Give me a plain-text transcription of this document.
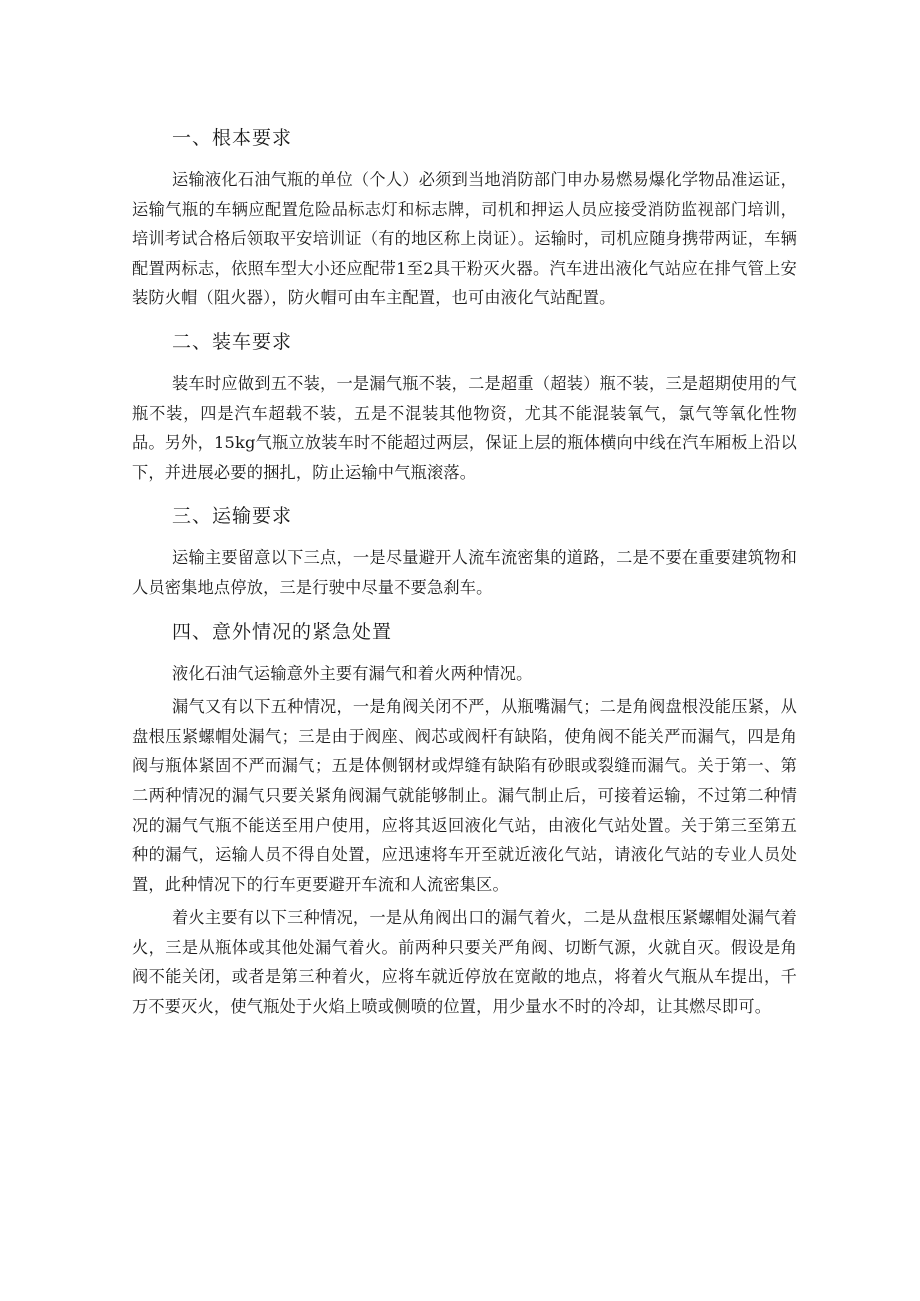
一、根本要求

运输液化石油气瓶的单位（个人）必须到当地消防部门申办易燃易爆化学物品准运证，运输气瓶的车辆应配置危险品标志灯和标志牌，司机和押运人员应接受消防监视部门培训，培训考试合格后领取平安培训证（有的地区称上岗证）。运输时，司机应随身携带两证，车辆配置两标志，依照车型大小还应配带1至2具干粉灭火器。汽车进出液化气站应在排气管上安装防火帽（阻火器），防火帽可由车主配置，也可由液化气站配置。

二、装车要求

装车时应做到五不装，一是漏气瓶不装，二是超重（超装）瓶不装，三是超期使用的气瓶不装，四是汽车超载不装，五是不混装其他物资，尤其不能混装氧气，氯气等氧化性物品。另外，15kg气瓶立放装车时不能超过两层，保证上层的瓶体横向中线在汽车厢板上沿以下，并进展必要的捆扎，防止运输中气瓶滚落。

三、运输要求

运输主要留意以下三点，一是尽量避开人流车流密集的道路，二是不要在重要建筑物和人员密集地点停放，三是行驶中尽量不要急刹车。

四、意外情况的紧急处置

液化石油气运输意外主要有漏气和着火两种情况。

漏气又有以下五种情况，一是角阀关闭不严，从瓶嘴漏气；二是角阀盘根没能压紧，从盘根压紧螺帽处漏气；三是由于阀座、阀芯或阀杆有缺陷，使角阀不能关严而漏气，四是角阀与瓶体紧固不严而漏气；五是体侧钢材或焊缝有缺陷有砂眼或裂缝而漏气。关于第一、第二两种情况的漏气只要关紧角阀漏气就能够制止。漏气制止后，可接着运输，不过第二种情况的漏气气瓶不能送至用户使用，应将其返回液化气站，由液化气站处置。关于第三至第五种的漏气，运输人员不得自处置，应迅速将车开至就近液化气站，请液化气站的专业人员处置，此种情况下的行车更要避开车流和人流密集区。

着火主要有以下三种情况，一是从角阀出口的漏气着火，二是从盘根压紧螺帽处漏气着火，三是从瓶体或其他处漏气着火。前两种只要关严角阀、切断气源，火就自灭。假设是角阀不能关闭，或者是第三种着火，应将车就近停放在宽敞的地点，将着火气瓶从车提出，千万不要灭火，使气瓶处于火焰上喷或侧喷的位置，用少量水不时的冷却，让其燃尽即可。
